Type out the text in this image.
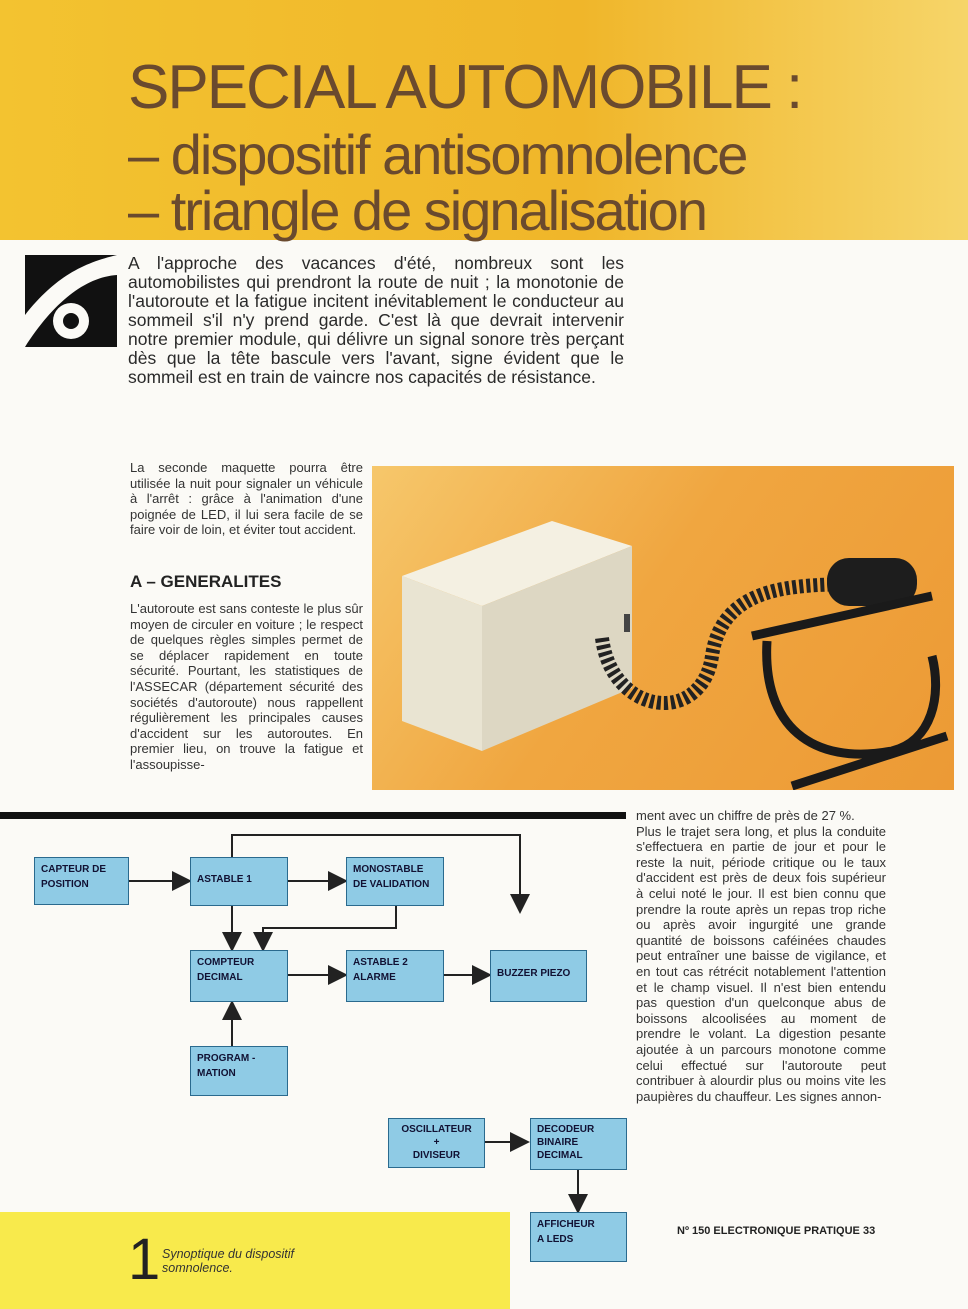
SPECIAL AUTOMOBILE :
– dispositif antisomnolence
– triangle de signalisation
A l'approche des vacances d'été, nombreux sont les automobilistes qui prendront la route de nuit ; la monotonie de l'autoroute et la fatigue incitent inévitablement le conducteur au sommeil s'il n'y prend garde. C'est là que devrait intervenir notre premier module, qui délivre un signal sonore très perçant dès que la tête bascule vers l'avant, signe évident que le sommeil est en train de vaincre nos capacités de résistance.
La seconde maquette pourra être utilisée la nuit pour signaler un véhicule à l'arrêt : grâce à l'animation d'une poignée de LED, il lui sera facile de se faire voir de loin, et éviter tout accident.
A – GENERALITES
L'autoroute est sans conteste le plus sûr moyen de circuler en voiture ; le respect de quelques règles simples permet de se déplacer rapidement en toute sécurité. Pourtant, les statistiques de l'ASSECAR (département sécurité des sociétés d'autoroute) nous rappellent régulièrement les principales causes d'accident sur les autoroutes. En premier lieu, on trouve la fatigue et l'assoupisse-
ment avec un chiffre de près de 27 %.
Plus le trajet sera long, et plus la conduite s'effectuera en partie de jour et pour le reste la nuit, période critique ou le taux d'accident est près de deux fois supérieur à celui noté le jour. Il est bien connu que prendre la route après un repas trop riche ou après avoir ingurgité une grande quantité de boissons caféinées chaudes peut entraîner une baisse de vigilance, et en tout cas rétrécit notablement l'attention et le champ visuel. Il n'est bien entendu pas question d'un quelconque abus de boissons alcoolisées au moment de prendre le volant. La digestion pesante ajoutée à un parcours monotone comme celui effectué sur l'autoroute peut contribuer à alourdir plus ou moins vite les paupières du chauffeur. Les signes annon-
CAPTEUR DE
POSITION	ASTABLE 1
MONOSTABLE
DE VALIDATION
COMPTEUR
DECIMAL
ASTABLE 2
ALARME	BUZZER PIEZO
PROGRAM -
MATION
OSCILLATEUR
+
DIVISEUR
DECODEUR
BINAIRE
DECIMAL
AFFICHEUR
A LEDS
1 Synoptique du dispositif somnolence.
Nº 150 ELECTRONIQUE PRATIQUE 33
